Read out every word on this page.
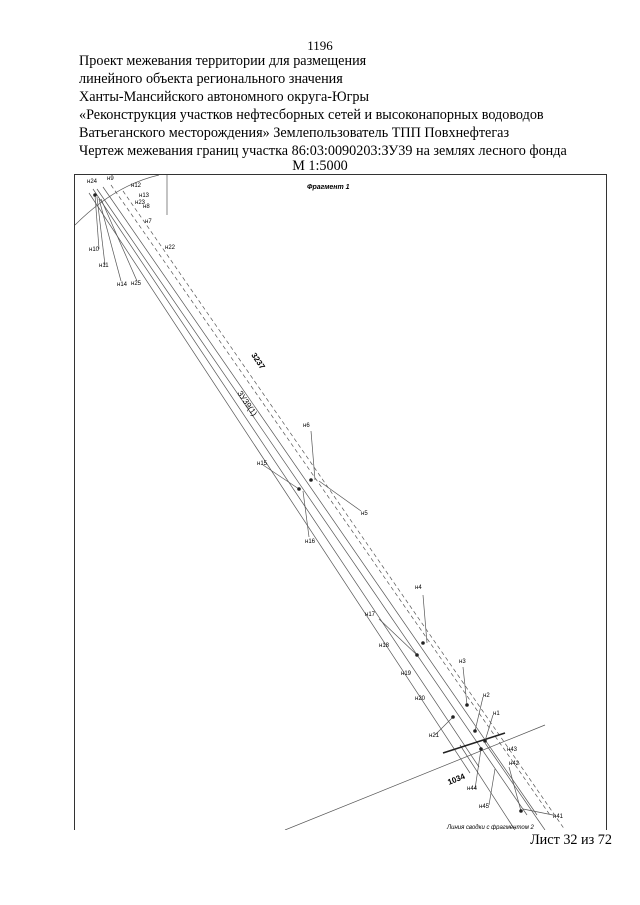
1196
Проект межевания территории для размещения
линейного объекта регионального значения
Ханты-Мансийского автономного округа-Югры
«Реконструкция участков нефтесборных сетей и высоконапорных водоводов
Ватьеганского месторождения» Землепользователь ТПП Повхнефтегаз
Чертеж межевания границ участка 86:03:0090203:ЗУ39 на землях лесного фонда
М 1:5000
Фрагмент 1
3237
ЗУ39(1)
1034
Линия сводки с фрагментом 2
н24 н9
н12
н13
н23
н8
н7
н22
н10
н11
н14 н25
н6
н15
н5
н16
н4
н17
н18
н3
н19
н20	н2
н1
н21
н43
н42
н44
н45
н41
Лист 32 из 72
